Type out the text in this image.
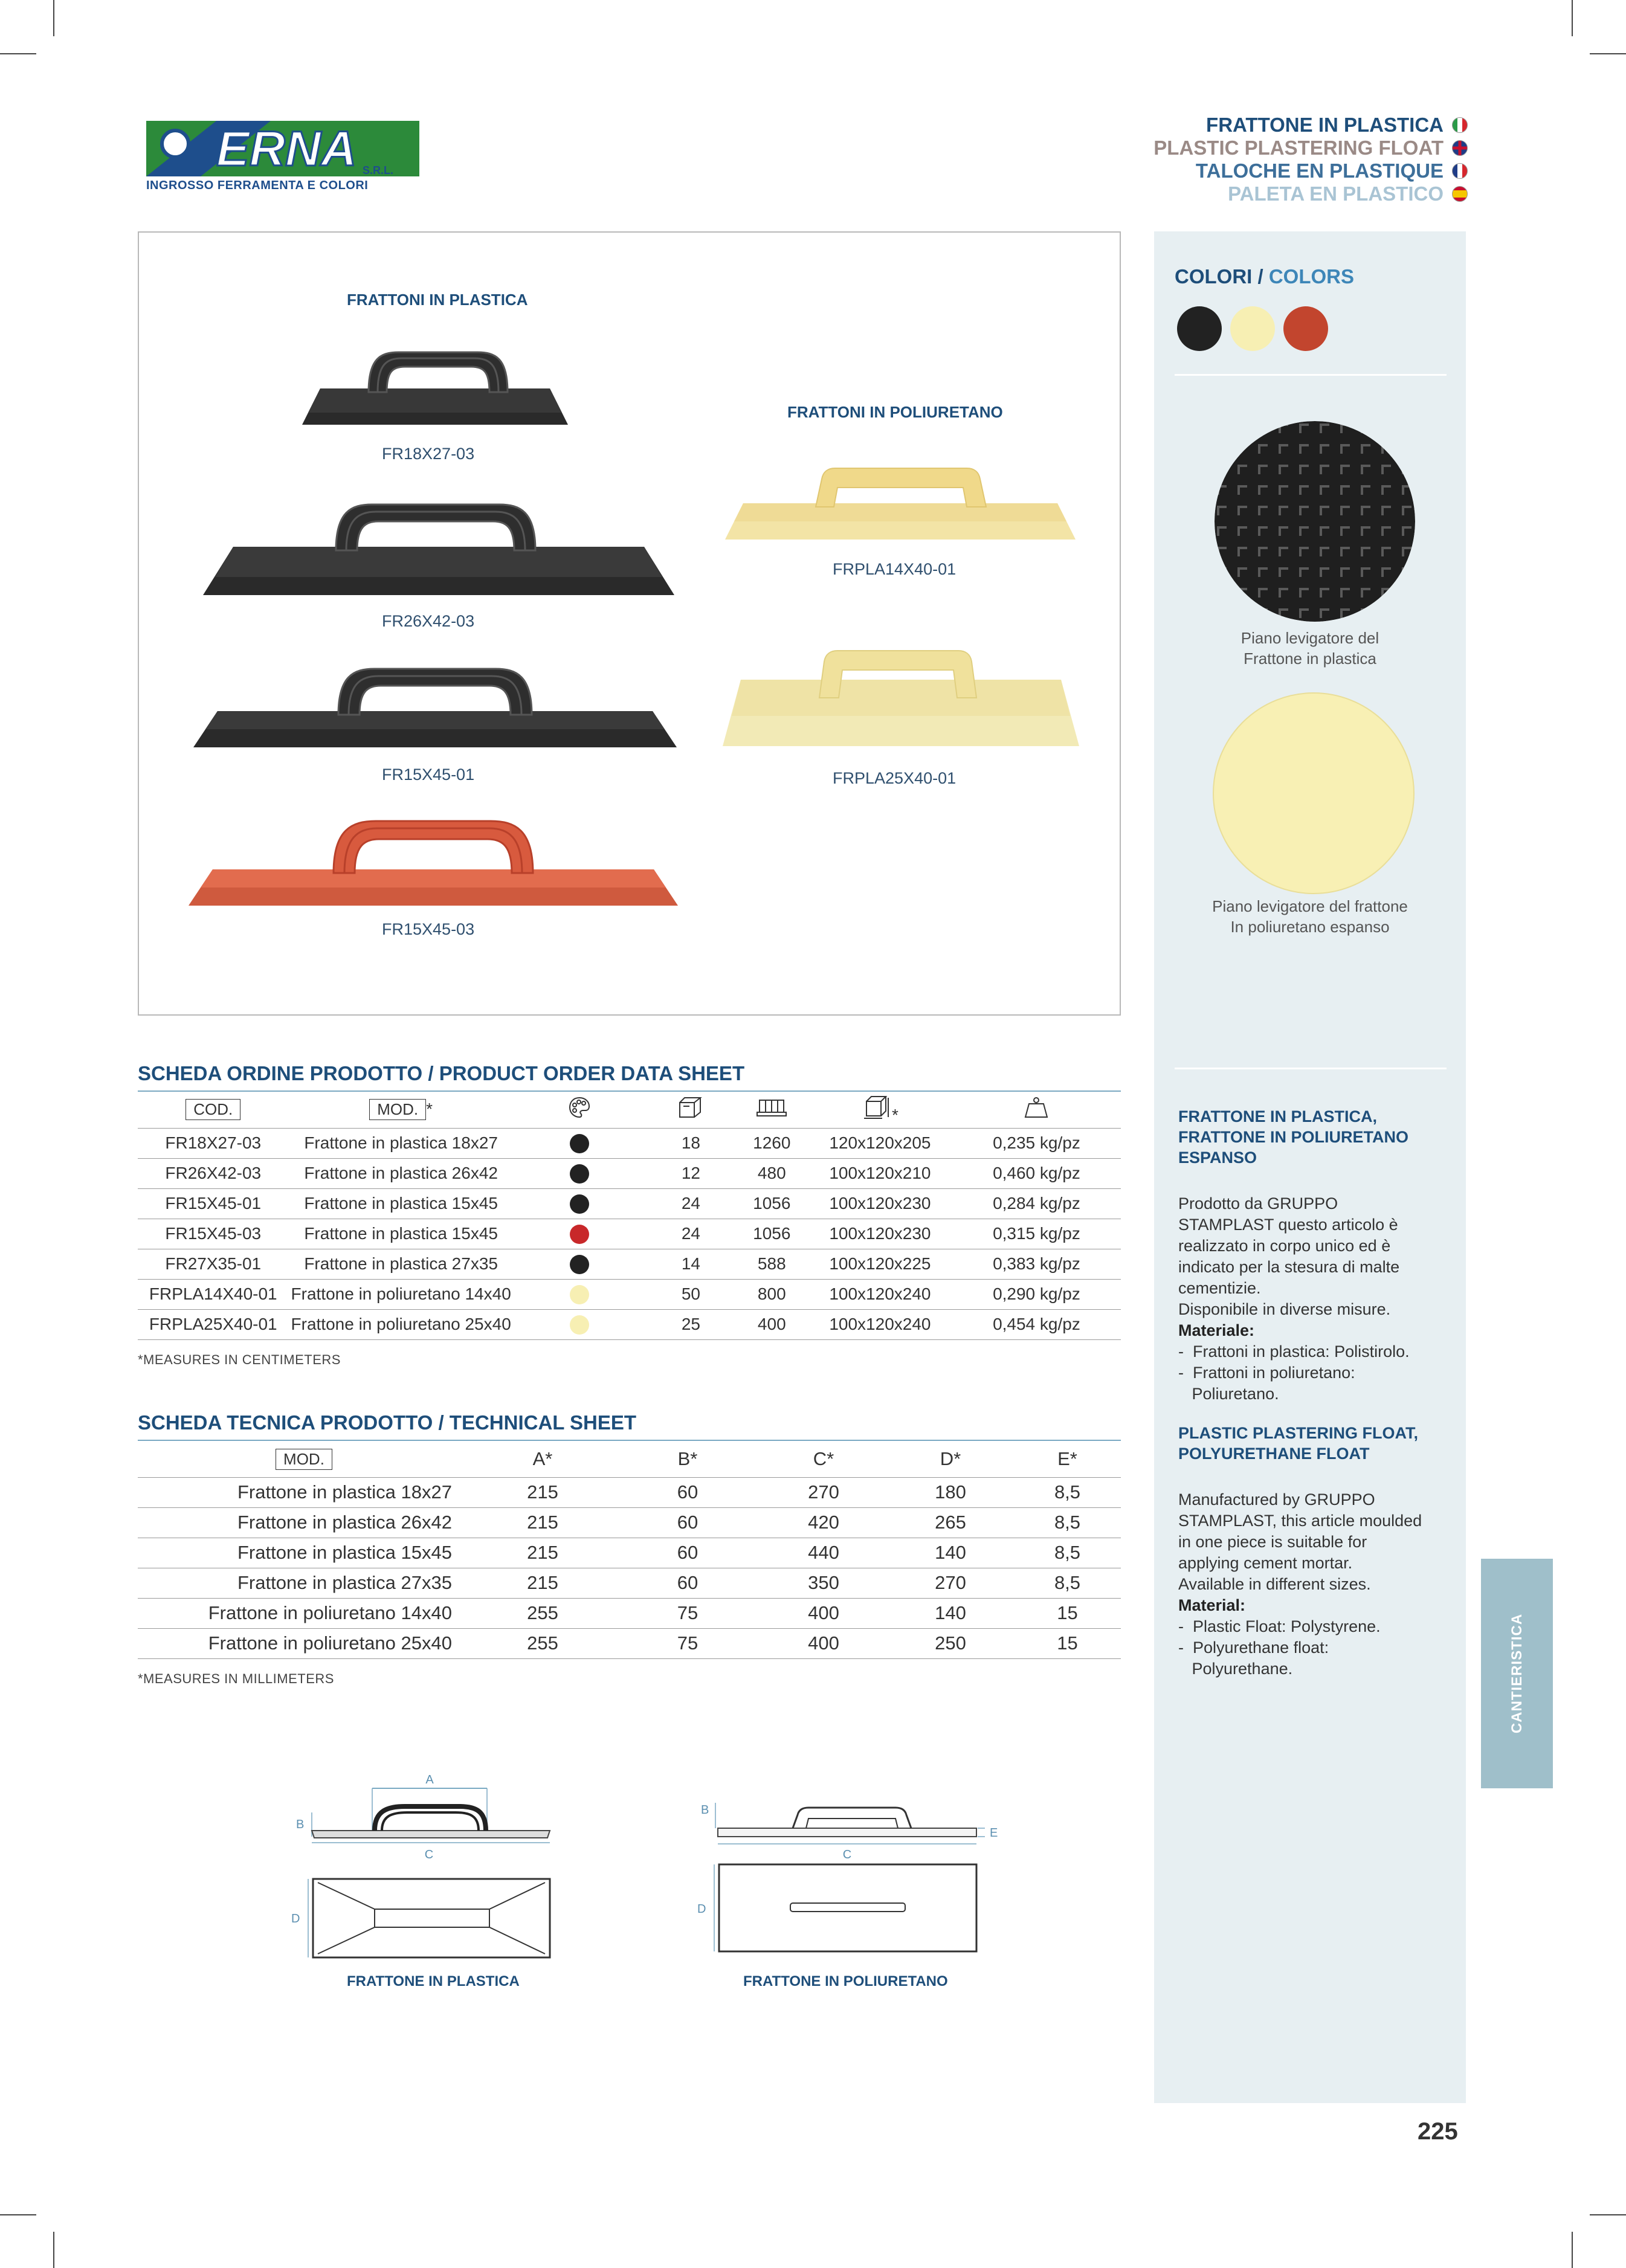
ERNA S.R.L.
INGROSSO FERRAMENTA E COLORI
FRATTONE IN PLASTICA
PLASTIC PLASTERING FLOAT
TALOCHE EN PLASTIQUE
PALETA EN PLASTICO
FRATTONI IN PLASTICA
FRATTONI IN POLIURETANO
FR18X27-03
FR26X42-03
FR15X45-01
FR15X45-03
FRPLA14X40-01
FRPLA25X40-01
COLORI / COLORS
Piano levigatore del
Frattone in plastica
Piano levigatore del frattone
In poliuretano espanso
FRATTONE IN PLASTICA,
FRATTONE IN POLIURETANO
ESPANSO
Prodotto da GRUPPO
STAMPLAST questo articolo è
realizzato in corpo unico ed è
indicato per la stesura di malte
cementizie.
Disponibile in diverse misure.
Materiale:
-  Frattoni in plastica: Polistirolo.
-  Frattoni in poliuretano:
Poliuretano.
PLASTIC PLASTERING FLOAT,
POLYURETHANE FLOAT
Manufactured by GRUPPO
STAMPLAST, this article moulded
in one piece is suitable for
applying cement mortar.
Available in different sizes.
Material:
-  Plastic Float: Polystyrene.
-  Polyurethane float:
Polyurethane.	CANTIERISTICA
SCHEDA ORDINE PRODOTTO / PRODUCT ORDER DATA SHEET
COD.	MOD. *				*	
FR18X27-03	Frattone in plastica 18x27		18	1260	120x120x205	0,235 kg/pz
FR26X42-03	Frattone in plastica 26x42		12	480	100x120x210	0,460 kg/pz
FR15X45-01	Frattone in plastica 15x45		24	1056	100x120x230	0,284 kg/pz
FR15X45-03	Frattone in plastica 15x45		24	1056	100x120x230	0,315 kg/pz
FR27X35-01	Frattone in plastica 27x35		14	588	100x120x225	0,383 kg/pz
FRPLA14X40-01	Frattone in poliuretano 14x40		50	800	100x120x240	0,290 kg/pz
FRPLA25X40-01	Frattone in poliuretano 25x40		25	400	100x120x240	0,454 kg/pz
*MEASURES IN CENTIMETERS
SCHEDA TECNICA PRODOTTO / TECHNICAL SHEET
MOD.	A*	B*	C*	D*	E*
Frattone in plastica 18x27	215	60	270	180	8,5
Frattone in plastica 26x42	215	60	420	265	8,5
Frattone in plastica 15x45	215	60	440	140	8,5
Frattone in plastica 27x35	215	60	350	270	8,5
Frattone in poliuretano 14x40	255	75	400	140	15
Frattone in poliuretano 25x40	255	75	400	250	15
*MEASURES IN MILLIMETERS
A
B
C
D
FRATTONE IN PLASTICA
B
E
C
D
FRATTONE IN POLIURETANO
225
